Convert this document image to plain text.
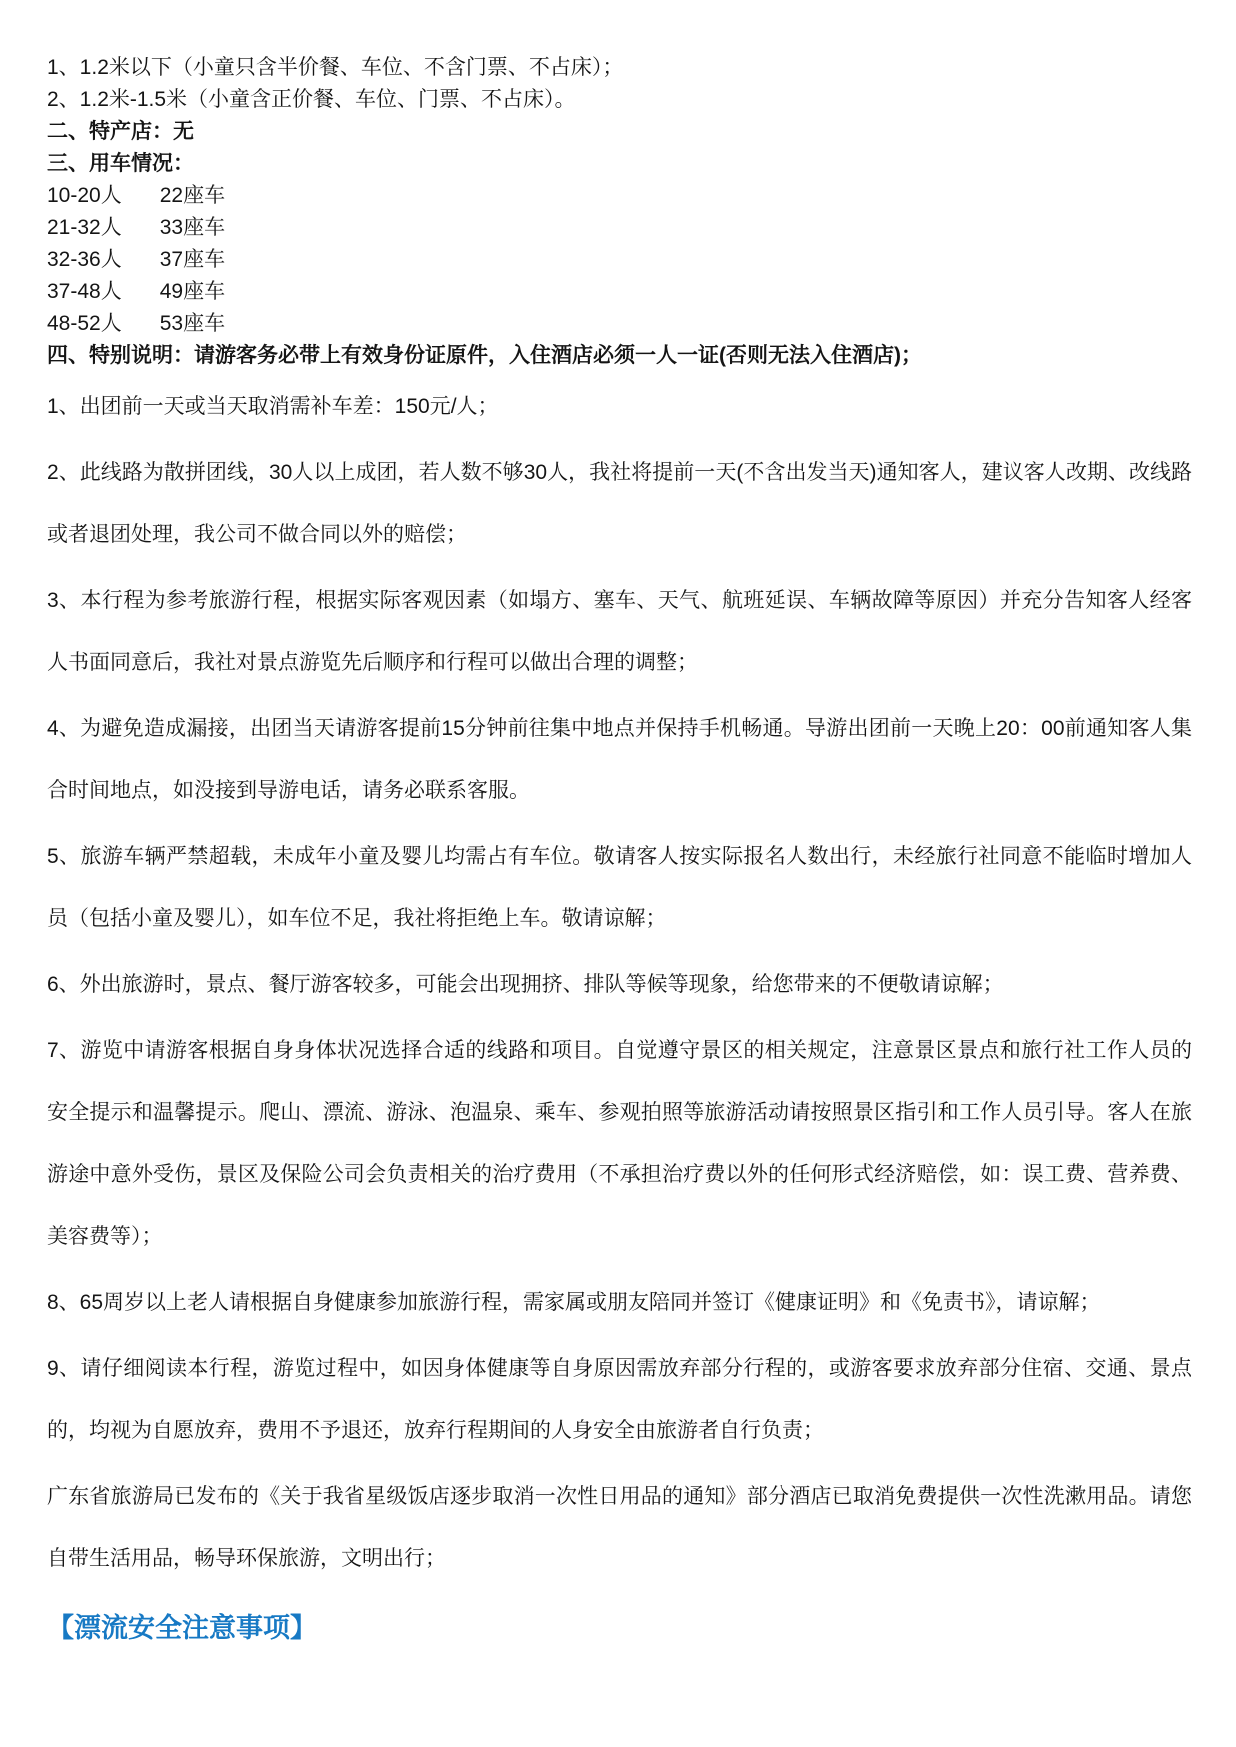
1、1.2米以下（小童只含半价餐、车位、不含门票、不占床）；
2、1.2米-1.5米（小童含正价餐、车位、门票、不占床）。
二、特产店：无
三、用车情况：
10-20人 22座车
21-32人 33座车
32-36人 37座车
37-48人 49座车
48-52人 53座车
四、特别说明：请游客务必带上有效身份证原件，入住酒店必须一人一证(否则无法入住酒店)；

1、出团前一天或当天取消需补车差：150元/人；

2、此线路为散拼团线，30人以上成团，若人数不够30人，我社将提前一天(不含出发当天)通知客人，建议客人改期、改线路或者退团处理，我公司不做合同以外的赔偿；

3、本行程为参考旅游行程，根据实际客观因素（如塌方、塞车、天气、航班延误、车辆故障等原因）并充分告知客人经客人书面同意后，我社对景点游览先后顺序和行程可以做出合理的调整；

4、为避免造成漏接，出团当天请游客提前15分钟前往集中地点并保持手机畅通。导游出团前一天晚上20：00前通知客人集合时间地点，如没接到导游电话，请务必联系客服。

5、旅游车辆严禁超载，未成年小童及婴儿均需占有车位。敬请客人按实际报名人数出行，未经旅行社同意不能临时增加人员（包括小童及婴儿），如车位不足，我社将拒绝上车。敬请谅解；

6、外出旅游时，景点、餐厅游客较多，可能会出现拥挤、排队等候等现象，给您带来的不便敬请谅解；

7、游览中请游客根据自身身体状况选择合适的线路和项目。自觉遵守景区的相关规定，注意景区景点和旅行社工作人员的安全提示和温馨提示。爬山、漂流、游泳、泡温泉、乘车、参观拍照等旅游活动请按照景区指引和工作人员引导。客人在旅游途中意外受伤，景区及保险公司会负责相关的治疗费用（不承担治疗费以外的任何形式经济赔偿，如：误工费、营养费、美容费等）；

8、65周岁以上老人请根据自身健康参加旅游行程，需家属或朋友陪同并签订《健康证明》和《免责书》，请谅解；

9、请仔细阅读本行程，游览过程中，如因身体健康等自身原因需放弃部分行程的，或游客要求放弃部分住宿、交通、景点的，均视为自愿放弃，费用不予退还，放弃行程期间的人身安全由旅游者自行负责；

广东省旅游局已发布的《关于我省星级饭店逐步取消一次性日用品的通知》部分酒店已取消免费提供一次性洗漱用品。请您自带生活用品，畅导环保旅游，文明出行；

【漂流安全注意事项】
